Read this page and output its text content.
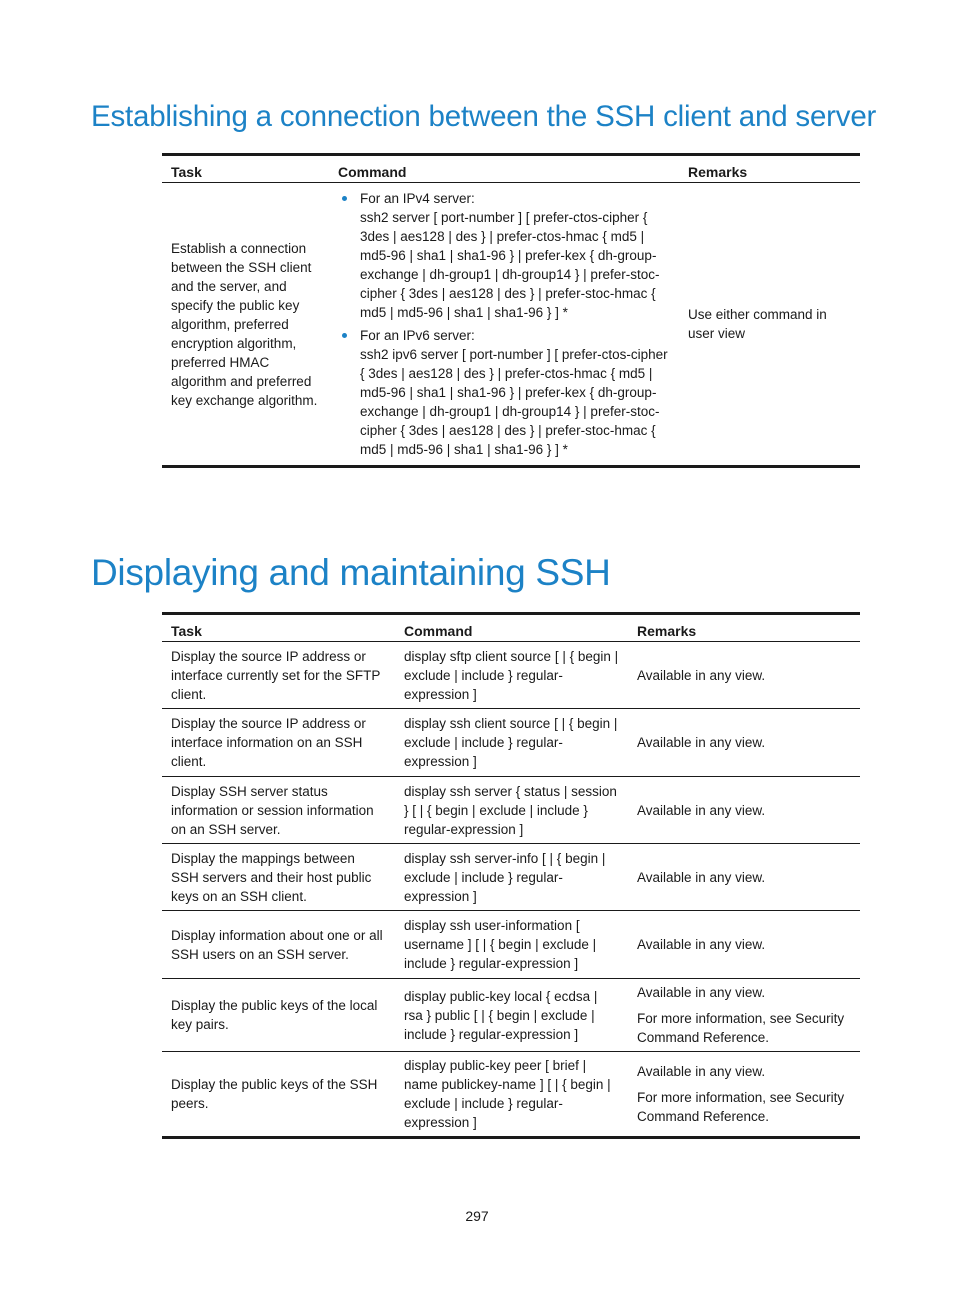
Establishing a connection between the SSH client and server
Task	Command	Remarks
Establish a connection between the SSH client and the server, and specify the public key algorithm, preferred encryption algorithm, preferred HMAC algorithm and preferred key exchange algorithm.	For an IPv4 server:
ssh2 server [ port-number ] [ prefer-ctos-cipher { 3des | aes128 | des } | prefer-ctos-hmac { md5 | md5-96 | sha1 | sha1-96 } | prefer-kex { dh-group-exchange | dh-group1 | dh-group14 } | prefer-stoc-cipher { 3des | aes128 | des } | prefer-stoc-hmac { md5 | md5-96 | sha1 | sha1-96 } ] *
For an IPv6 server:
ssh2 ipv6 server [ port-number ] [ prefer-ctos-cipher { 3des | aes128 | des } | prefer-ctos-hmac { md5 | md5-96 | sha1 | sha1-96 } | prefer-kex { dh-group-exchange | dh-group1 | dh-group14 } | prefer-stoc-cipher { 3des | aes128 | des } | prefer-stoc-hmac { md5 | md5-96 | sha1 | sha1-96 } ] *	Use either command in user view
Displaying and maintaining SSH
Task	Command	Remarks
Display the source IP address or interface currently set for the SFTP client.	display sftp client source [ | { begin | exclude | include } regular-expression ]	Available in any view.

Display the source IP address or interface information on an SSH client.	display ssh client source [ | { begin | exclude | include } regular-expression ]	Available in any view.

Display SSH server status information or session information on an SSH server.	display ssh server { status | session } [ | { begin | exclude | include } regular-expression ]	Available in any view.

Display the mappings between SSH servers and their host public keys on an SSH client.	display ssh server-info [ | { begin | exclude | include } regular-expression ]	Available in any view.

Display information about one or all SSH users on an SSH server.	display ssh user-information [ username ] [ | { begin | exclude | include } regular-expression ]	Available in any view.

Display the public keys of the local key pairs.	display public-key local { ecdsa | rsa } public [ | { begin | exclude | include } regular-expression ]	Available in any view.

For more information, see Security Command Reference.

Display the public keys of the SSH peers.	display public-key peer [ brief | name publickey-name ] [ | { begin | exclude | include } regular-expression ]	Available in any view.

For more information, see Security Command Reference.

297
